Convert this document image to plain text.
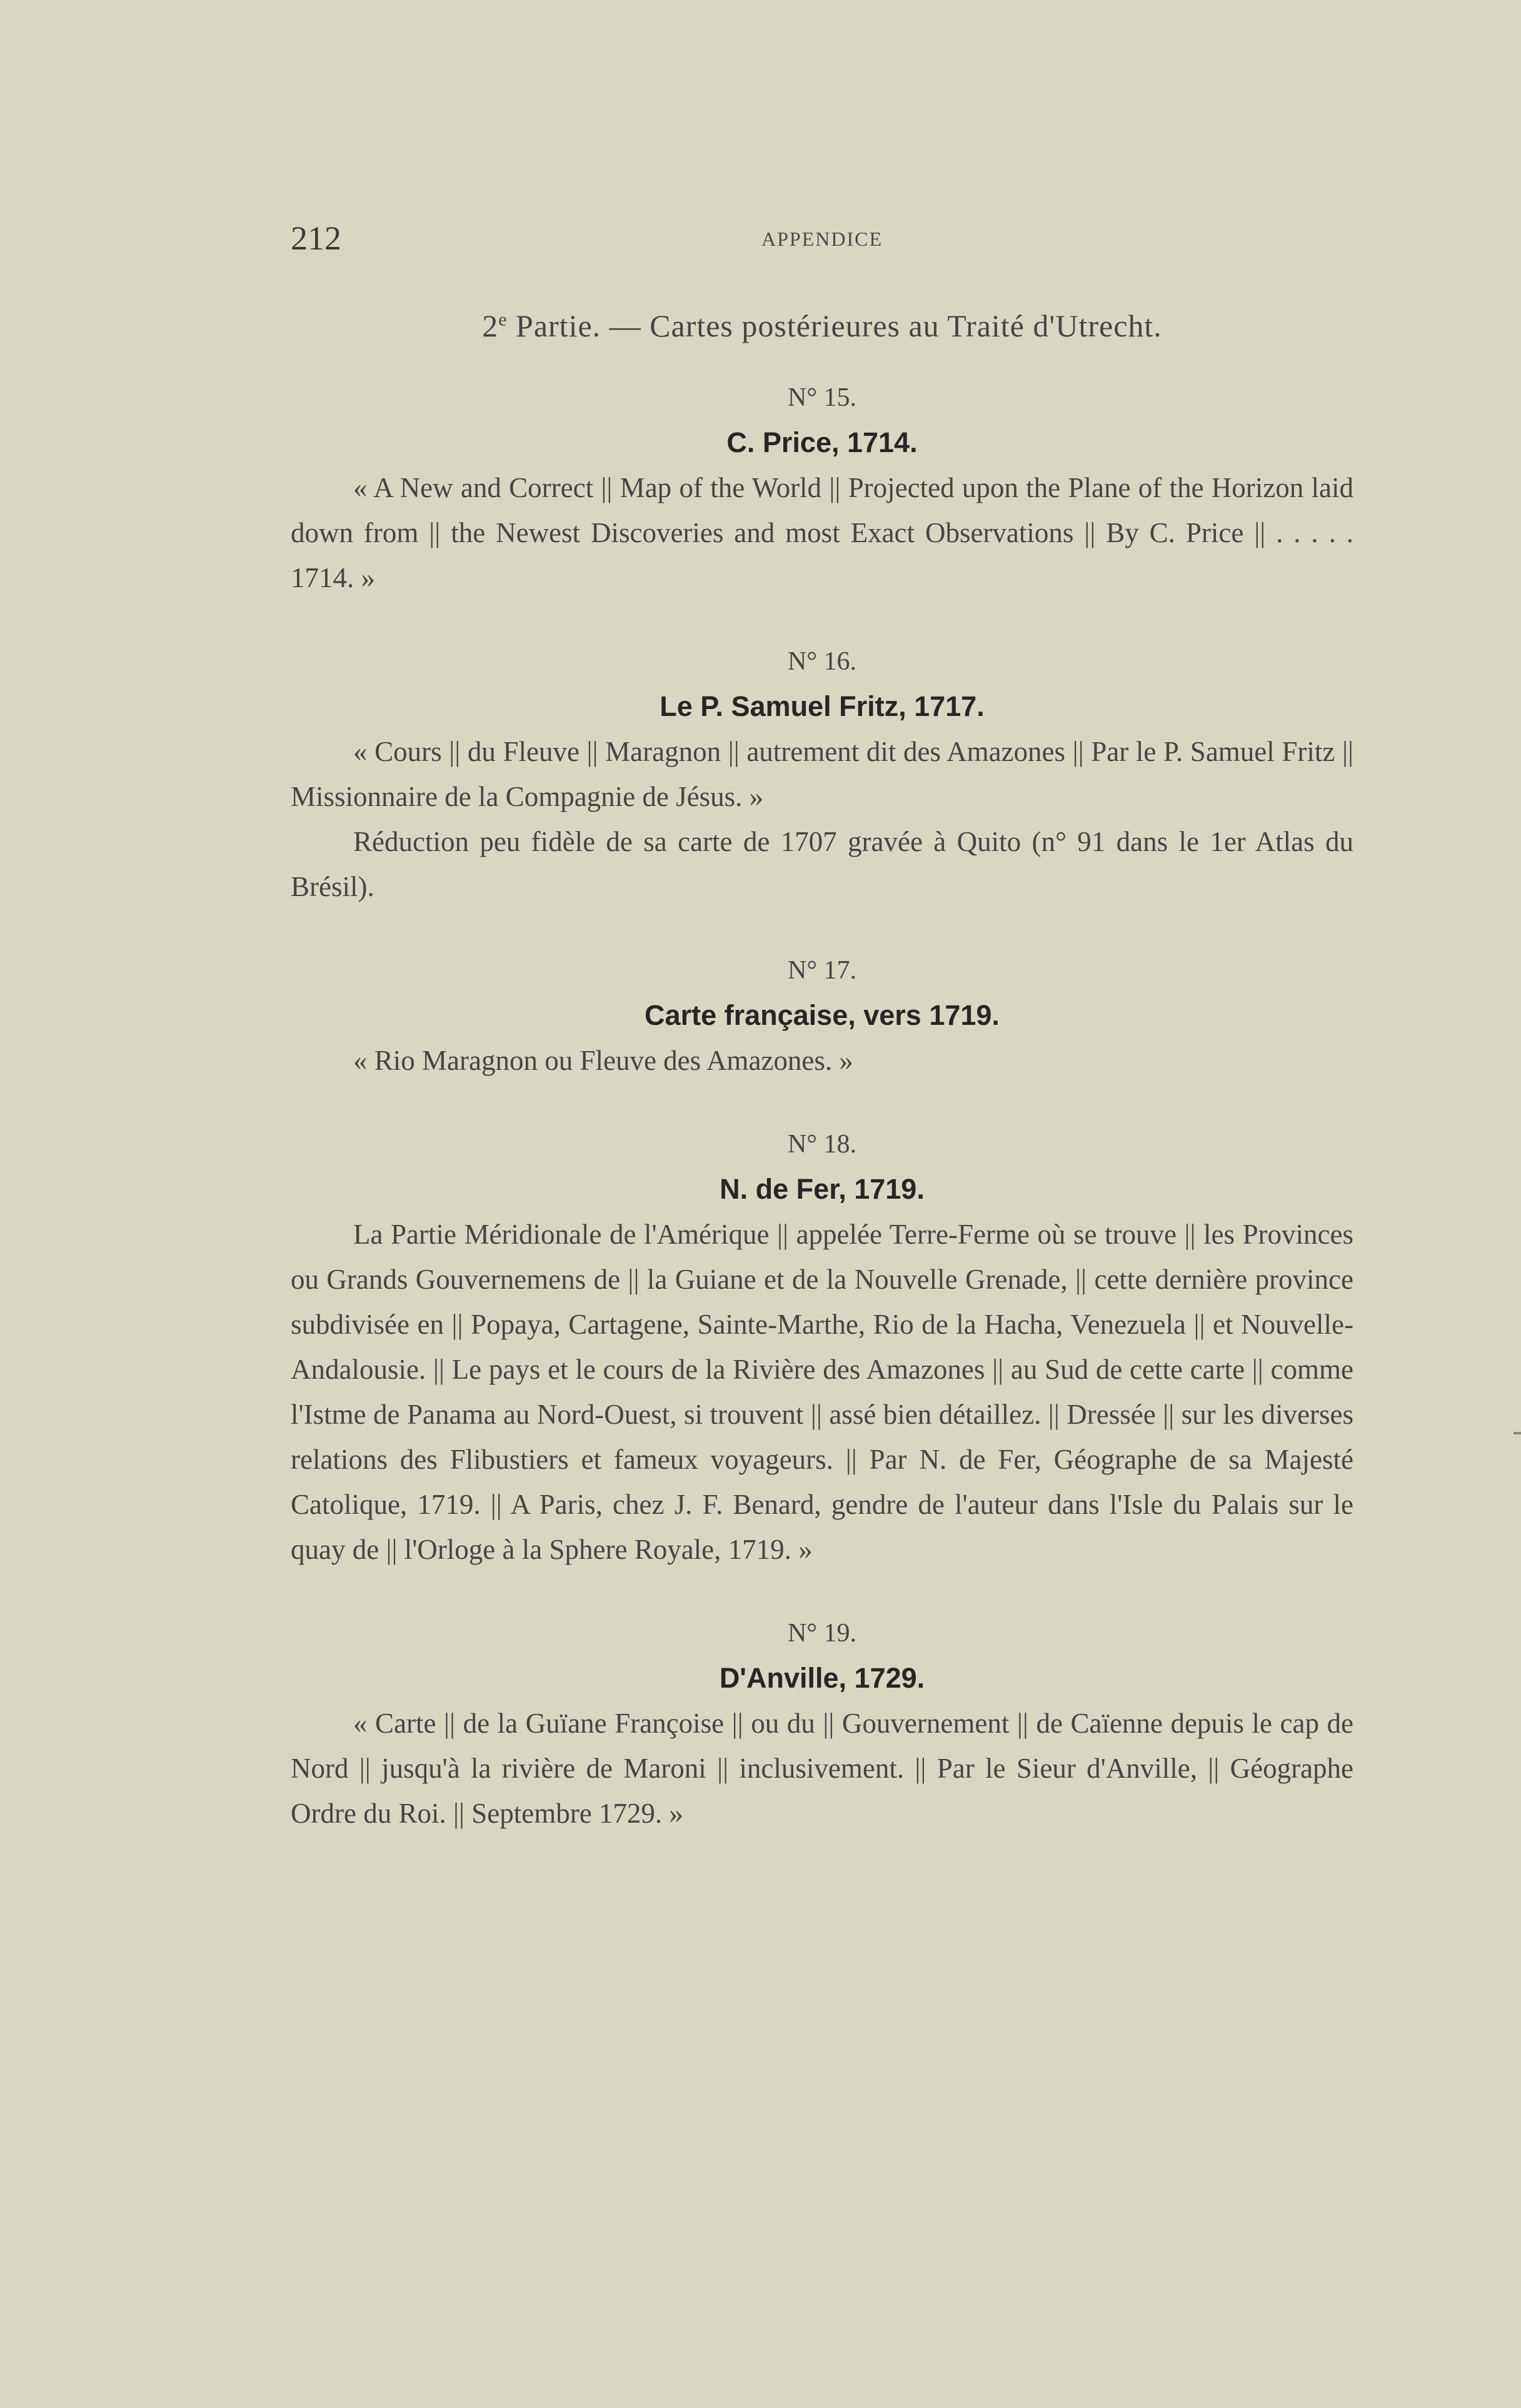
212	APPENDICE
2e Partie. — Cartes postérieures au Traité d'Utrecht.

N° 15.

C. Price, 1714.

« A New and Correct || Map of the World || Projected upon the Plane of the Horizon laid down from || the Newest Discoveries and most Exact Observations || By C. Price || . . . . . 1714. »

N° 16.

Le P. Samuel Fritz, 1717.

« Cours || du Fleuve || Maragnon || autrement dit des Amazones || Par le P. Samuel Fritz || Missionnaire de la Compagnie de Jésus. »

Réduction peu fidèle de sa carte de 1707 gravée à Quito (n° 91 dans le 1er Atlas du Brésil).

N° 17.

Carte française, vers 1719.

« Rio Maragnon ou Fleuve des Amazones. »

N° 18.

N. de Fer, 1719.

La Partie Méridionale de l'Amérique || appelée Terre-Ferme où se trouve || les Provinces ou Grands Gouvernemens de || la Guiane et de la Nouvelle Grenade, || cette dernière province subdivisée en || Popaya, Cartagene, Sainte-Marthe, Rio de la Hacha, Venezuela || et Nouvelle-Andalousie. || Le pays et le cours de la Rivière des Amazones || au Sud de cette carte || comme l'Istme de Panama au Nord-Ouest, si trouvent || assé bien détaillez. || Dressée || sur les diverses relations des Flibustiers et fameux voyageurs. || Par N. de Fer, Géographe de sa Majesté Catolique, 1719. || A Paris, chez J. F. Benard, gendre de l'auteur dans l'Isle du Palais sur le quay de || l'Orloge à la Sphere Royale, 1719. »

N° 19.

D'Anville, 1729.

« Carte || de la Guïane Françoise || ou du || Gouvernement || de Caïenne depuis le cap de Nord || jusqu'à la rivière de Maroni || inclusivement. || Par le Sieur d'Anville, || Géographe Ordre du Roi. || Septembre 1729. »
